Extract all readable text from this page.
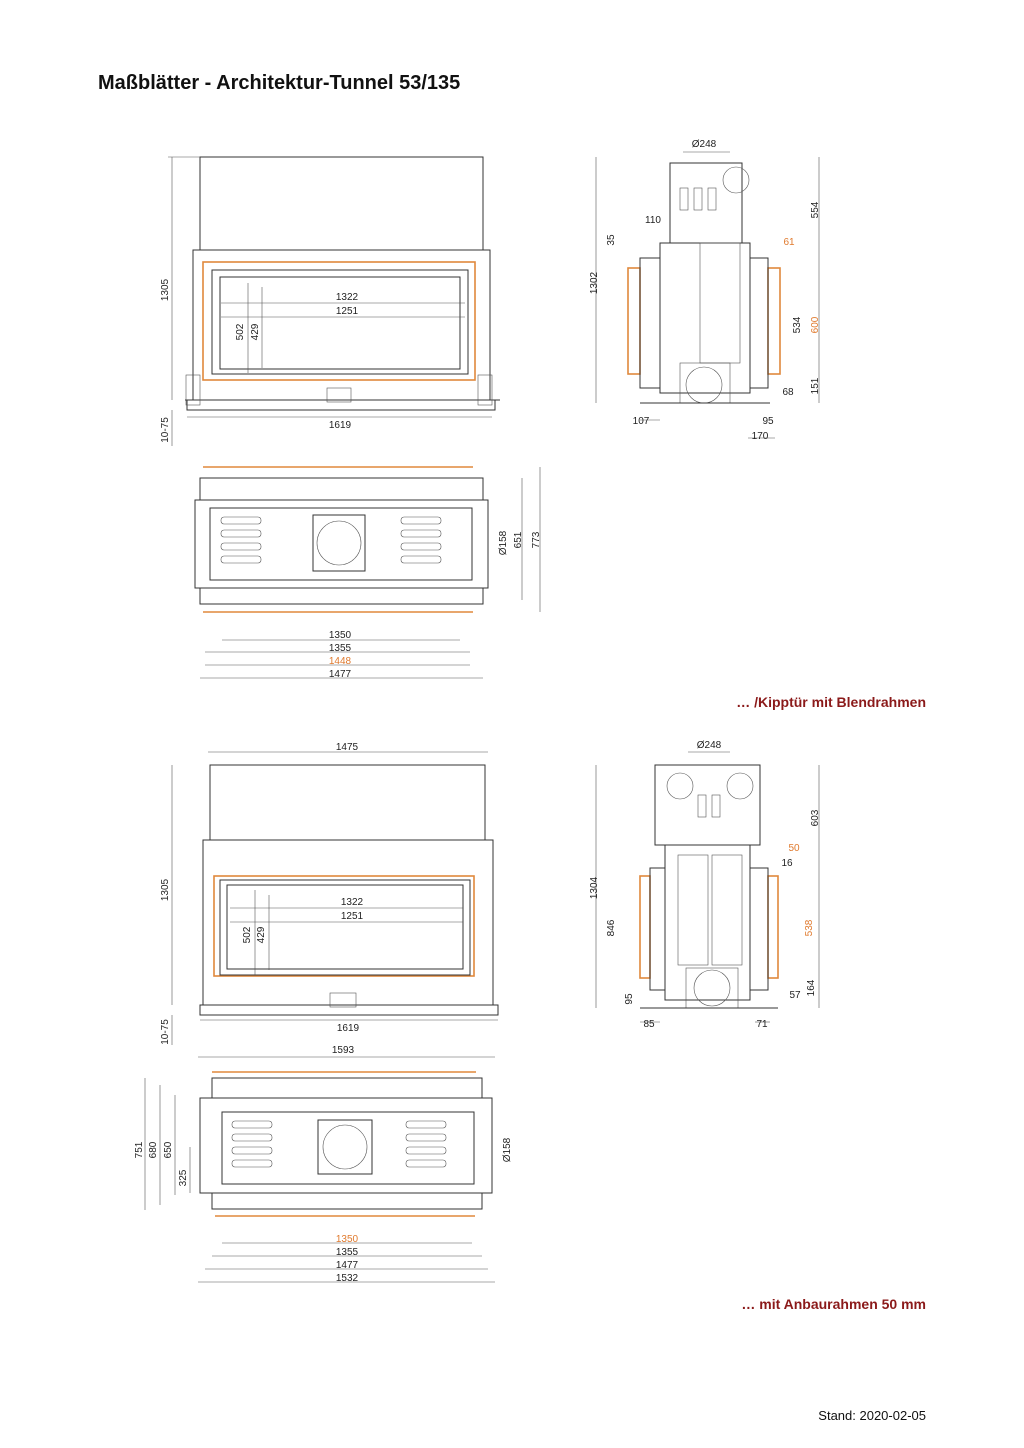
Maßblätter - Architektur-Tunnel 53/135
1305
10-75	1619
1322
1251
502 429
Ø248
554
110
35	61
1302
534 600
68 151
107	95
170
Ø158 651 773
1350
1355
1448
1477
1475
1305
10-75	1619
1322
1251
502 429
Ø248
603
50
16
1304
846	538
57 164
95
85	71
1593
Ø158
751 680 650
325
1350
1355
1477
1532
… /Kipptür mit Blendrahmen
… mit Anbaurahmen 50 mm
Stand: 2020-02-05
